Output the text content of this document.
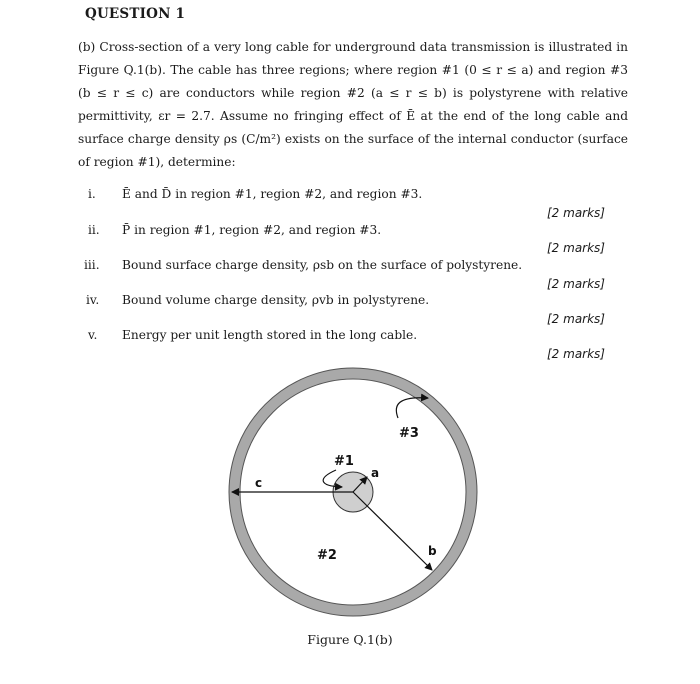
QUESTION 1
(b) Cross-section of a very long cable for underground data transmission is illustrated in Figure Q.1(b). The cable has three regions; where region #1 (0 ≤ r ≤ a) and region #3 (b ≤ r ≤ c) are conductors while region #2 (a ≤ r ≤ b) is polystyrene with relative permittivity, εr = 2.7. Assume no fringing effect of Ē at the end of the long cable and surface charge density ρs (C/m²) exists on the surface of the internal conductor (surface of region #1), determine:
i. Ē and D̄ in region #1, region #2, and region #3.
[2 marks]
ii. P̄ in region #1, region #2, and region #3.
[2 marks]
iii. Bound surface charge density, ρsb on the surface of polystyrene.
[2 marks]
iv. Bound volume charge density, ρvb in polystyrene.
[2 marks]
v. Energy per unit length stored in the long cable.
[2 marks]
#1
a
c
#3
#2	b
Figure Q.1(b)
